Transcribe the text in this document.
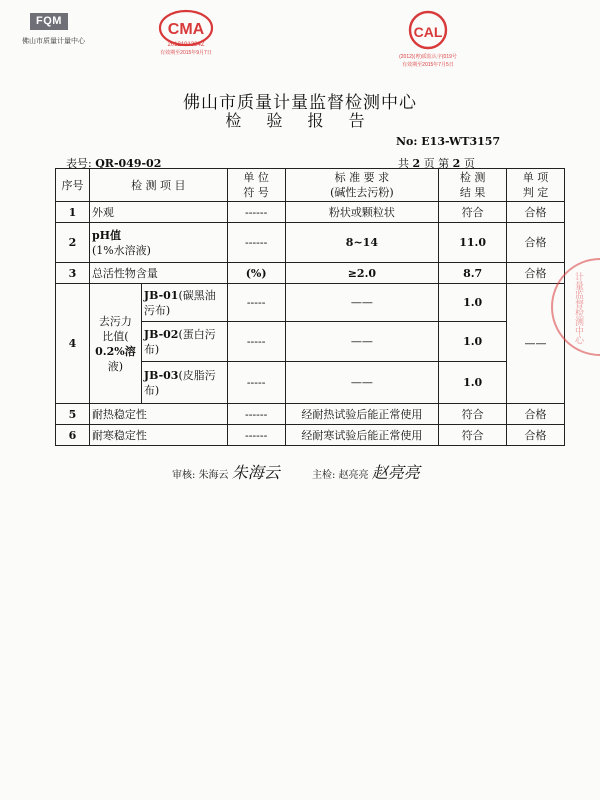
FQM
佛山市质量计量中心
CMA
2012191324Z
有效期至2015年9月7日
CAL
(2012)(粤)质监认字(019号
有效期至2015年7月5日
佛山市质量计量监督检测中心
检 验 报 告
No: E13-WT3157
表号: QR-049-02	共 2 页 第 2 页
序号	检 测 项 目		单 位
符 号	标 准 要 求
(碱性去污粉)	检 测
结 果	单 项
判 定
1	外观		------	粉状或颗粒状	符合	合格
2	pH值
(1%水溶液)		------	8~14	11.0	合格
3	总活性物含量		(%)	≥2.0	8.7	合格
4	去污力
比值(
0.2%溶
液)	JB-01(碳黑油
污布)	-----	——	1.0	——
		JB-02(蛋白污
布)	-----	——	1.0	
		JB-03(皮脂污
布)	-----	——	1.0	
5	耐热稳定性		------	经耐热试验后能正常使用	符合	合格
6	耐寒稳定性		------	经耐寒试验后能正常使用	符合	合格
计量监督检测中心
审核: 朱海云 朱海云	主检: 赵亮亮 赵亮亮
